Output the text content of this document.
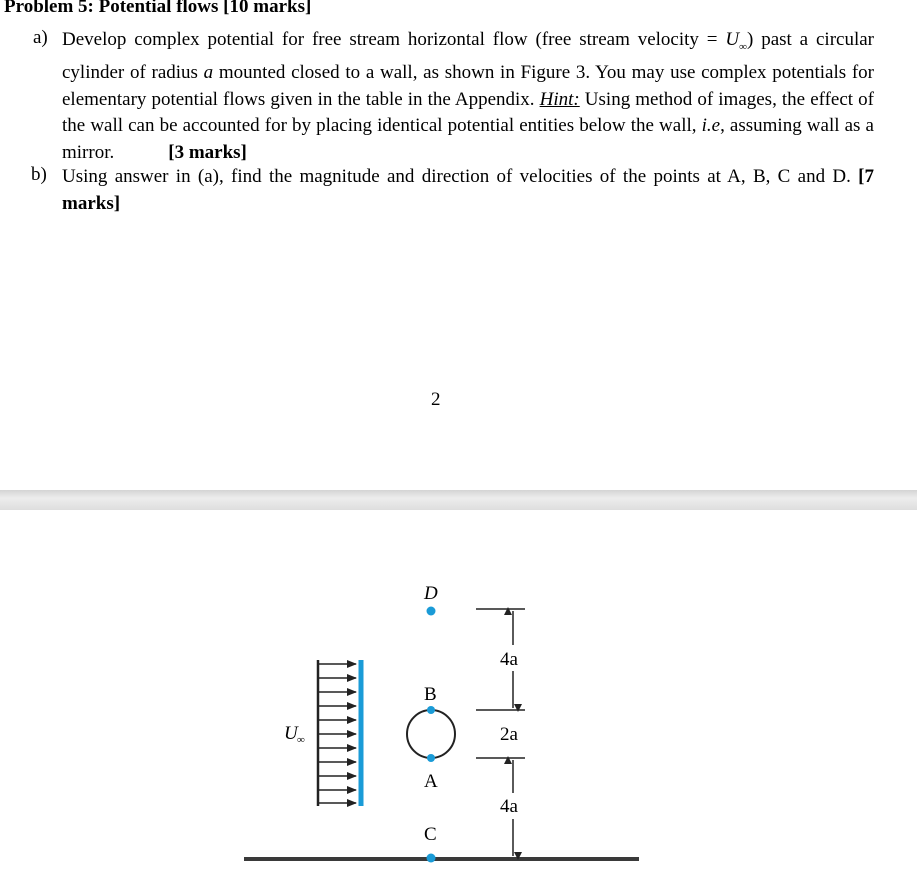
Problem 5: Potential flows [10 marks]
a) Develop complex potential for free stream horizontal flow (free stream velocity = $U_\infty$) past a circular cylinder of radius a mounted closed to a wall, as shown in Figure 3. You may use complex potentials for elementary potential flows given in the table in the Appendix. Hint: Using method of images, the effect of the wall can be accounted for by placing identical potential entities below the wall, i.e, assuming wall as a mirror.	[3 marks]
b) Using answer in (a), find the magnitude and direction of velocities of the points at A, B, C and D. [7 marks]
2
U ∞
D
B
A
C
4a
2a
4a
